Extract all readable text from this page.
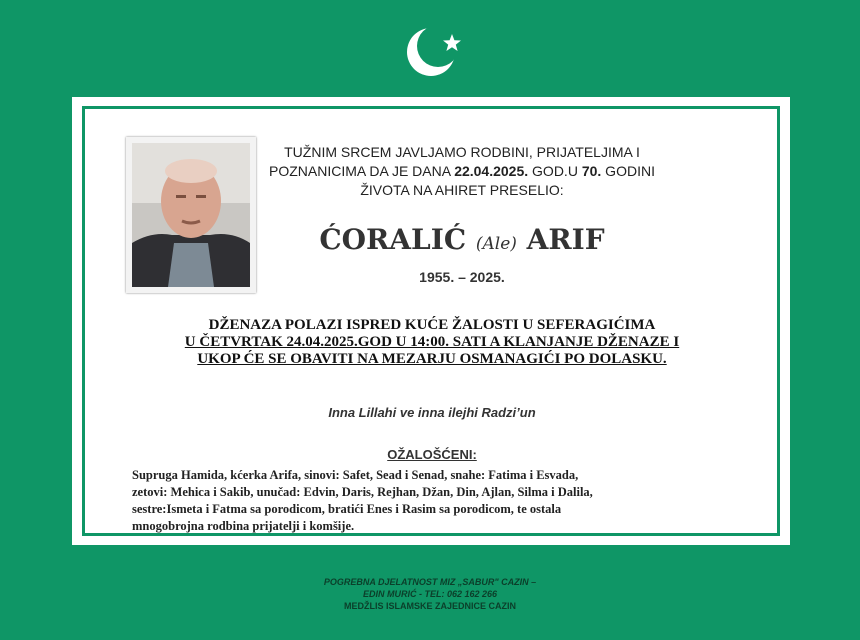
TUŽNIM SRCEM JAVLJAMO RODBINI, PRIJATELJIMA I
POZNANICIMA DA JE DANA 22.04.2025. GOD.U 70. GODINI
ŽIVOTA NA AHIRET PRESELIO:
ĆORALIĆ (Ale) ARIF
1955. – 2025.
DŽENAZA POLAZI ISPRED KUĆE ŽALOSTI U SEFERAGIĆIMA
U ČETVRTAK 24.04.2025.GOD U 14:00. SATI A KLANJANJE DŽENAZE I
UKOP ĆE SE OBAVITI NA MEZARJU OSMANAGIĆI PO DOLASKU.
Inna Lillahi ve inna ilejhi Radzi’un
OŽALOŠĆENI:
Supruga Hamida, kćerka Arifa, sinovi: Safet, Sead i Senad, snahe: Fatima i Esvada,
zetovi: Mehica i Sakib, unučad: Edvin, Daris, Rejhan, Džan, Din, Ajlan, Silma i Dalila,
sestre:Ismeta i Fatma sa porodicom, bratići Enes i Rasim sa porodicom, te ostala
mnogobrojna rodbina prijatelji i komšije.
POGREBNA DJELATNOST MIZ „SABUR" CAZIN –
EDIN MURIĆ - TEL: 062 162 266
MEDŽLIS ISLAMSKE ZAJEDNICE CAZIN
